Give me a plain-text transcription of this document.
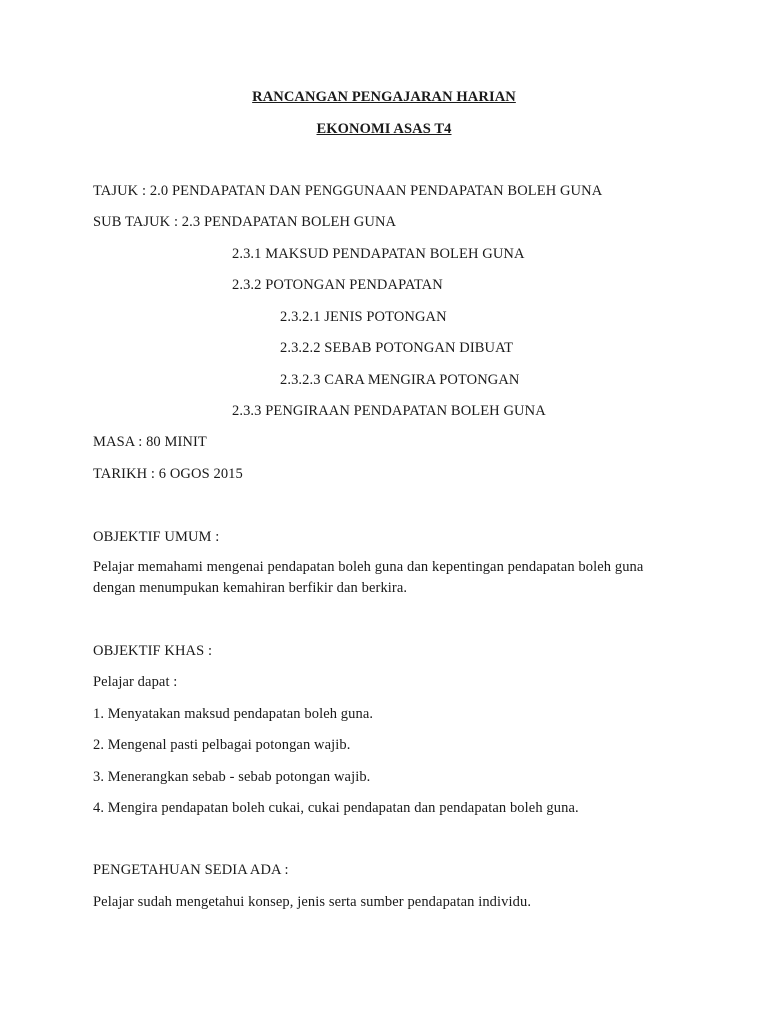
RANCANGAN PENGAJARAN HARIAN
EKONOMI ASAS T4
TAJUK : 2.0 PENDAPATAN DAN PENGGUNAAN PENDAPATAN BOLEH GUNA
SUB TAJUK : 2.3 PENDAPATAN BOLEH GUNA
2.3.1 MAKSUD PENDAPATAN BOLEH GUNA
2.3.2 POTONGAN PENDAPATAN
2.3.2.1 JENIS POTONGAN
2.3.2.2 SEBAB POTONGAN DIBUAT
2.3.2.3 CARA MENGIRA POTONGAN
2.3.3 PENGIRAAN PENDAPATAN BOLEH GUNA
MASA : 80 MINIT
TARIKH : 6 OGOS 2015
OBJEKTIF UMUM :
Pelajar memahami mengenai pendapatan boleh guna dan kepentingan pendapatan boleh guna dengan menumpukan kemahiran berfikir dan berkira.
OBJEKTIF KHAS :
Pelajar dapat :
1. Menyatakan maksud pendapatan boleh guna.
2. Mengenal pasti pelbagai potongan wajib.
3. Menerangkan sebab - sebab potongan wajib.
4. Mengira pendapatan boleh cukai, cukai pendapatan dan pendapatan boleh guna.
PENGETAHUAN SEDIA ADA :
Pelajar sudah mengetahui konsep, jenis serta sumber pendapatan individu.
